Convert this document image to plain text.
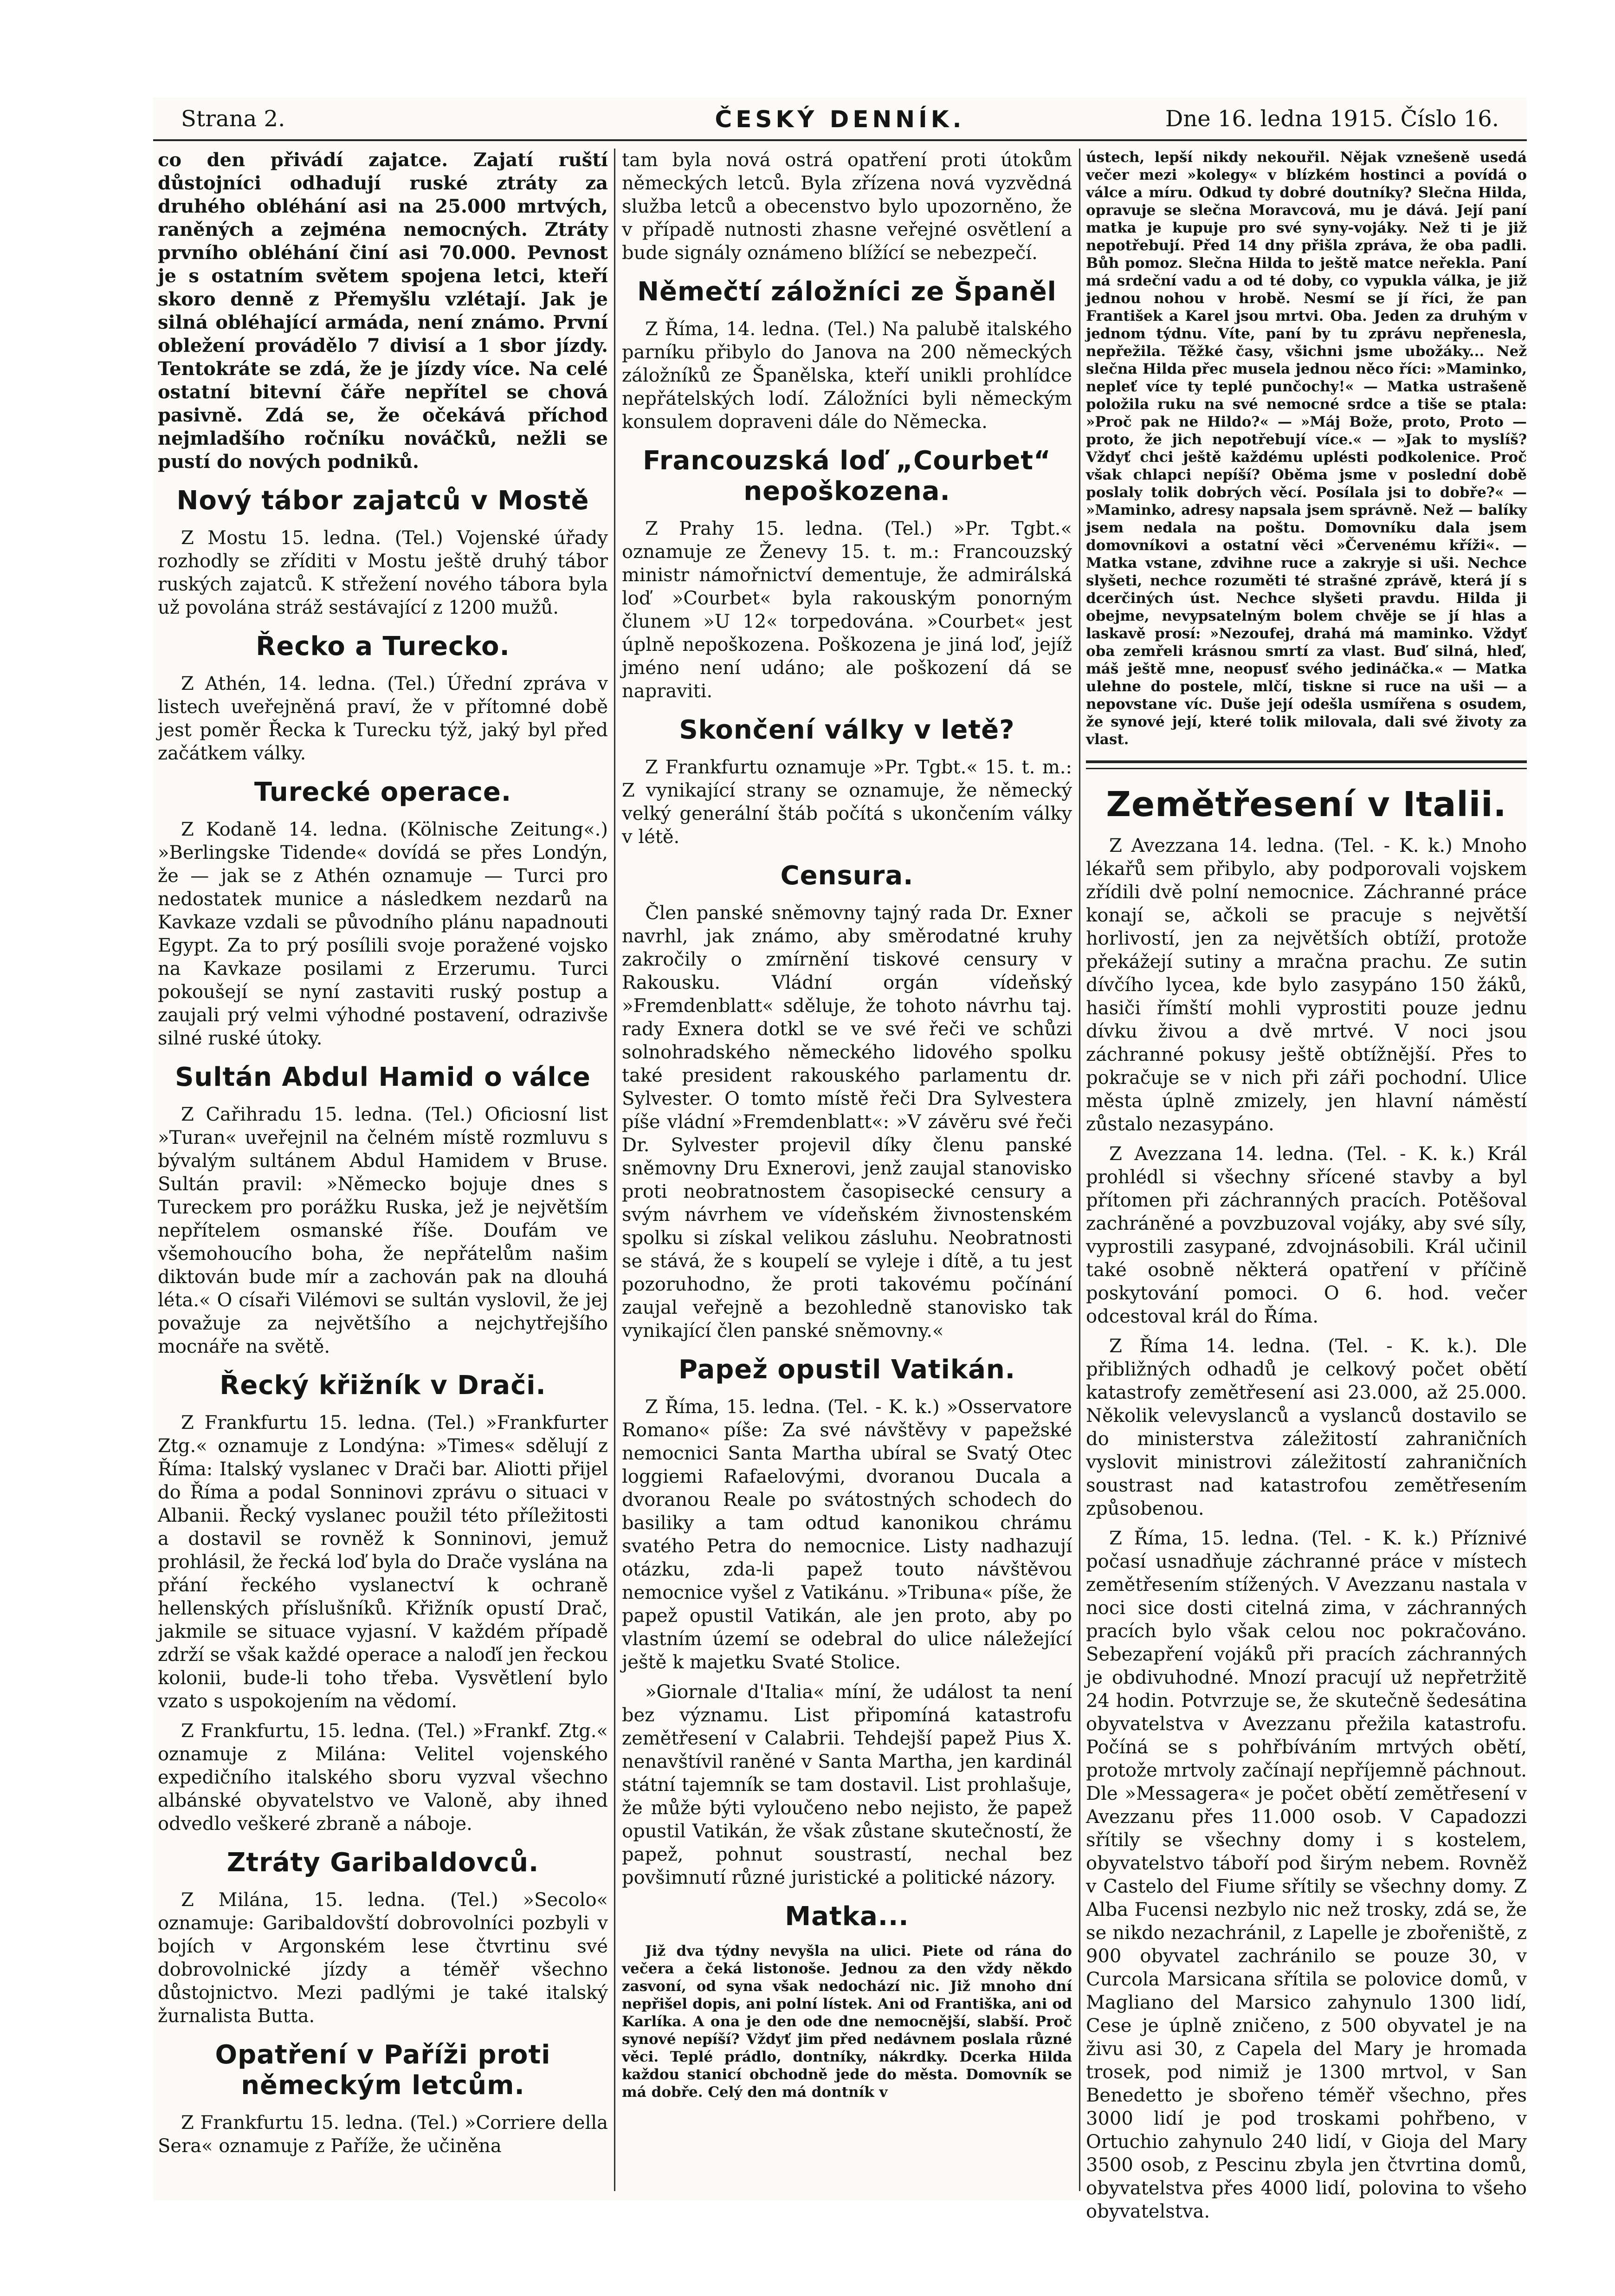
Strana 2.	ČESKÝ DENNÍK.	Dne 16. ledna 1915. Číslo 16.

co den přivádí zajatce. Zajatí ruští důstojníci odhadují ruské ztráty za druhého obléhání asi na 25.000 mrtvých, raněných a zejména nemocných. Ztráty prvního obléhání činí asi 70.000. Pevnost je s ostatním světem spojena letci, kteří skoro denně z Přemyšlu vzlétají. Jak je silná obléhající armáda, není známo. První obležení provádělo 7 divisí a 1 sbor jízdy. Tentokráte se zdá, že je jízdy více. Na celé ostatní bitevní čáře nepřítel se chová pasivně. Zdá se, že očekává příchod nejmladšího ročníku nováčků, nežli se pustí do nových podniků.

Nový tábor zajatců v Mostě

Z Mostu 15. ledna. (Tel.) Vojenské úřady rozhodly se zříditi v Mostu ještě druhý tábor ruských zajatců. K střežení nového tábora byla už povolána stráž sestávající z 1200 mužů.

Řecko a Turecko.

Z Athén, 14. ledna. (Tel.) Úřední zpráva v listech uveřejněná praví, že v přítomné době jest poměr Řecka k Turecku týž, jaký byl před začátkem války.

Turecké operace.

Z Kodaně 14. ledna. (Kölnische Zeitung«.) »Berlingske Tidende« dovídá se přes Londýn, že — jak se z Athén oznamuje — Turci pro nedostatek munice a následkem nezdarů na Kavkaze vzdali se původního plánu napadnouti Egypt. Za to prý posílili svoje poražené vojsko na Kavkaze posilami z Erzerumu. Turci pokoušejí se nyní zastaviti ruský postup a zaujali prý velmi výhodné postavení, odrazivše silné ruské útoky.

Sultán Abdul Hamid o válce

Z Cařihradu 15. ledna. (Tel.) Oficiosní list »Turan« uveřejnil na čelném místě rozmluvu s bývalým sultánem Abdul Hamidem v Bruse. Sultán pravil: »Německo bojuje dnes s Tureckem pro porážku Ruska, jež je největším nepřítelem osmanské říše. Doufám ve všemohoucího boha, že nepřátelům našim diktován bude mír a zachován pak na dlouhá léta.« O císaři Vilémovi se sultán vyslovil, že jej považuje za největšího a nejchytřejšího mocnáře na světě.

Řecký křižník v Drači.

Z Frankfurtu 15. ledna. (Tel.) »Frankfurter Ztg.« oznamuje z Londýna: »Times« sdělují z Říma: Italský vyslanec v Drači bar. Aliotti přijel do Říma a podal Sonninovi zprávu o situaci v Albanii. Řecký vyslanec použil této příležitosti a dostavil se rovněž k Sonninovi, jemuž prohlásil, že řecká loď byla do Drače vyslána na přání řeckého vyslanectví k ochraně hellenských příslušníků. Křižník opustí Drač, jakmile se situace vyjasní. V každém případě zdrží se však každé operace a naloďí jen řeckou kolonii, bude-li toho třeba. Vysvětlení bylo vzato s uspokojením na vědomí.

Z Frankfurtu, 15. ledna. (Tel.) »Frankf. Ztg.« oznamuje z Milána: Velitel vojenského expedičního italského sboru vyzval všechno albánské obyvatelstvo ve Valoně, aby ihned odvedlo veškeré zbraně a náboje.

Ztráty Garibaldovců.

Z Milána, 15. ledna. (Tel.) »Secolo« oznamuje: Garibaldovští dobrovolníci pozbyli v bojích v Argonském lese čtvrtinu své dobrovolnické jízdy a téměř všechno důstojnictvo. Mezi padlými je také italský žurnalista Butta.

Opatření v Paříži proti německým letcům.

Z Frankfurtu 15. ledna. (Tel.) »Corriere della Sera« oznamuje z Paříže, že učiněna

tam byla nová ostrá opatření proti útokům německých letců. Byla zřízena nová vyzvědná služba letců a obecenstvo bylo upozorněno, že v případě nutnosti zhasne veřejné osvětlení a bude signály oznámeno blížící se nebezpečí.

Němečtí záložníci ze Španěl

Z Říma, 14. ledna. (Tel.) Na palubě italského parníku přibylo do Janova na 200 německých záložníků ze Španělska, kteří unikli prohlídce nepřátelských lodí. Záložníci byli německým konsulem dopraveni dále do Německa.

Francouzská loď „Courbet“ nepoškozena.

Z Prahy 15. ledna. (Tel.) »Pr. Tgbt.« oznamuje ze Ženevy 15. t. m.: Francouzský ministr námořnictví dementuje, že admirálská loď »Courbet« byla rakouským ponorným člunem »U 12« torpedována. »Courbet« jest úplně nepoškozena. Poškozena je jiná loď, jejíž jméno není udáno; ale poškození dá se napraviti.

Skončení války v letě?

Z Frankfurtu oznamuje »Pr. Tgbt.« 15. t. m.: Z vynikající strany se oznamuje, že německý velký generální štáb počítá s ukončením války v létě.

Censura.

Člen panské sněmovny tajný rada Dr. Exner navrhl, jak známo, aby směrodatné kruhy zakročily o zmírnění tiskové censury v Rakousku. Vládní orgán vídeňský »Fremdenblatt« sděluje, že tohoto návrhu taj. rady Exnera dotkl se ve své řeči ve schůzi solnohradského německého lidového spolku také president rakouského parlamentu dr. Sylvester. O tomto místě řeči Dra Sylvestera píše vládní »Fremdenblatt«: »V závěru své řeči Dr. Sylvester projevil díky členu panské sněmovny Dru Exnerovi, jenž zaujal stanovisko proti neobratnostem časopisecké censury a svým návrhem ve vídeňském živnostenském spolku si získal velikou zásluhu. Neobratnosti se stává, že s koupelí se vyleje i dítě, a tu jest pozoruhodno, že proti takovému počínání zaujal veřejně a bezohledně stanovisko tak vynikající člen panské sněmovny.«

Papež opustil Vatikán.

Z Říma, 15. ledna. (Tel. - K. k.) »Osservatore Romano« píše: Za své návštěvy v papežské nemocnici Santa Martha ubíral se Svatý Otec loggiemi Rafaelovými, dvoranou Ducala a dvoranou Reale po svátostných schodech do basiliky a tam odtud kanonikou chrámu svatého Petra do nemocnice. Listy nadhazují otázku, zda-li papež touto návštěvou nemocnice vyšel z Vatikánu. »Tribuna« píše, že papež opustil Vatikán, ale jen proto, aby po vlastním území se odebral do ulice náležející ještě k majetku Svaté Stolice.

»Giornale d'Italia« míní, že událost ta není bez významu. List připomíná katastrofu zemětřesení v Calabrii. Tehdejší papež Pius X. nenavštívil raněné v Santa Martha, jen kardinál státní tajemník se tam dostavil. List prohlašuje, že může býti vyloučeno nebo nejisto, že papež opustil Vatikán, že však zůstane skutečností, že papež, pohnut soustrastí, nechal bez povšimnutí různé juristické a politické názory.

Matka...

Již dva týdny nevyšla na ulici. Piete od rána do večera a čeká listonoše. Jednou za den vždy někdo zasvoní, od syna však nedochází nic. Již mnoho dní nepřišel dopis, ani polní lístek. Ani od Františka, ani od Karlíka. A ona je den ode dne nemocnější, slabší. Proč synové nepíší? Vždyť jim před nedávnem poslala různé věci. Teplé prádlo, dontníky, nákrdky. Dcerka Hilda každou stanicí obchodně jede do města. Domovník se má dobře. Celý den má dontník v

ústech, lepší nikdy nekouřil. Nějak vznešeně usedá večer mezi »kolegy« v blízkém hostinci a povídá o válce a míru. Odkud ty dobré doutníky? Slečna Hilda, opravuje se slečna Moravcová, mu je dává. Její paní matka je kupuje pro své syny-vojáky. Než ti je již nepotřebují. Před 14 dny přišla zpráva, že oba padli. Bůh pomoz. Slečna Hilda to ještě matce neřekla. Paní má srdeční vadu a od té doby, co vypukla válka, je již jednou nohou v hrobě. Nesmí se jí říci, že pan František a Karel jsou mrtvi. Oba. Jeden za druhým v jednom týdnu. Víte, paní by tu zprávu nepřenesla, nepřežila. Těžké časy, všichni jsme ubožáky... Než slečna Hilda přec musela jednou něco říci: »Maminko, nepleť více ty teplé punčochy!« — Matka ustrašeně položila ruku na své nemocné srdce a tiše se ptala: »Proč pak ne Hildo?« — »Máj Bože, proto, Proto — proto, že jich nepotřebují více.« — »Jak to myslíš? Vždyť chci ještě každému uplésti podkolenice. Proč však chlapci nepíší? Oběma jsme v poslední době poslaly tolik dobrých věcí. Posílala jsi to dobře?« — »Maminko, adresy napsala jsem správně. Než — balíky jsem nedala na poštu. Domovníku dala jsem domovníkovi a ostatní věci »Červenému kříži«. — Matka vstane, zdvihne ruce a zakryje si uši. Nechce slyšeti, nechce rozuměti té strašné zprávě, která jí s dcerčiných úst. Nechce slyšeti pravdu. Hilda ji obejme, nevypsatelným bolem chvěje se jí hlas a laskavě prosí: »Nezoufej, drahá má maminko. Vždyť oba zemřeli krásnou smrtí za vlast. Buď silná, hleď, máš ještě mne, neopusť svého jedináčka.« — Matka ulehne do postele, mlčí, tiskne si ruce na uši — a nepovstane víc. Duše její odešla usmířena s osudem, že synové její, které tolik milovala, dali své životy za vlast.

Zemětřesení v Italii.

Z Avezzana 14. ledna. (Tel. - K. k.) Mnoho lékařů sem přibylo, aby podporovali vojskem zřídili dvě polní nemocnice. Záchranné práce konají se, ačkoli se pracuje s největší horlivostí, jen za největších obtíží, protože překážejí sutiny a mračna prachu. Ze sutin dívčího lycea, kde bylo zasypáno 150 žáků, hasiči římští mohli vyprostiti pouze jednu dívku živou a dvě mrtvé. V noci jsou záchranné pokusy ještě obtížnější. Přes to pokračuje se v nich při záři pochodní. Ulice města úplně zmizely, jen hlavní náměstí zůstalo nezasypáno.

Z Avezzana 14. ledna. (Tel. - K. k.) Král prohlédl si všechny sřícené stavby a byl přítomen při záchranných pracích. Potěšoval zachráněné a povzbuzoval vojáky, aby své síly, vyprostili zasypané, zdvojnásobili. Král učinil také osobně některá opatření v příčině poskytování pomoci. O 6. hod. večer odcestoval král do Říma.

Z Říma 14. ledna. (Tel. - K. k.). Dle přibližných odhadů je celkový počet obětí katastrofy zemětřesení asi 23.000, až 25.000. Několik velevyslanců a vyslanců dostavilo se do ministerstva záležitostí zahraničních vyslovit ministrovi záležitostí zahraničních soustrast nad katastrofou zemětřesením způsobenou.

Z Říma, 15. ledna. (Tel. - K. k.) Příznivé počasí usnadňuje záchranné práce v místech zemětřesením stížených. V Avezzanu nastala v noci sice dosti citelná zima, v záchranných pracích bylo však celou noc pokračováno. Sebezapření vojáků při pracích záchranných je obdivuhodné. Mnozí pracují už nepřetržitě 24 hodin. Potvrzuje se, že skutečně šedesátina obyvatelstva v Avezzanu přežila katastrofu. Počíná se s pohřbíváním mrtvých obětí, protože mrtvoly začínají nepříjemně páchnout. Dle »Messagera« je počet obětí zemětřesení v Avezzanu přes 11.000 osob. V Capadozzi sřítily se všechny domy i s kostelem, obyvatelstvo táboří pod širým nebem. Rovněž v Castelo del Fiume sřítily se všechny domy. Z Alba Fucensi nezbylo nic než trosky, zdá se, že se nikdo nezachránil, z Lapelle je zbořeniště, z 900 obyvatel zachránilo se pouze 30, v Curcola Marsicana sřítila se polovice domů, v Magliano del Marsico zahynulo 1300 lidí, Cese je úplně zničeno, z 500 obyvatel je na živu asi 30, z Capela del Mary je hromada trosek, pod nimiž je 1300 mrtvol, v San Benedetto je sbořeno téměř všechno, přes 3000 lidí je pod troskami pohřbeno, v Ortuchio zahynulo 240 lidí, v Gioja del Mary 3500 osob, z Pescinu zbyla jen čtvrtina domů, obyvatelstva přes 4000 lidí, polovina to všeho obyvatelstva.
